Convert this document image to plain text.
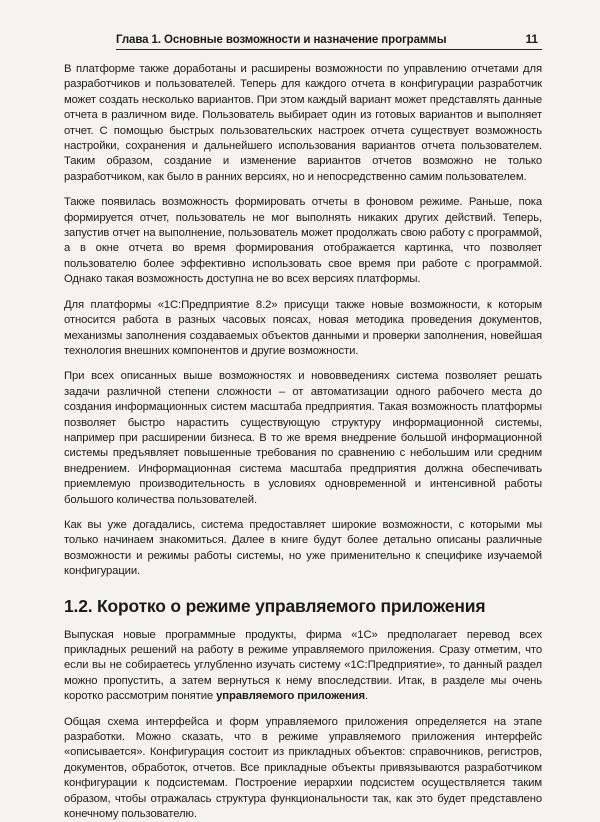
Глава 1. Основные возможности и назначение программы	11

В платформе также доработаны и расширены возможности по управлению отчетами для разработчиков и пользователей. Теперь для каждого отчета в конфигурации разработчик может создать несколько вариантов. При этом каждый вариант может представлять данные отчета в различном виде. Пользователь выбирает один из готовых вариантов и выполняет отчет. С помощью быстрых пользовательских настроек отчета существует возможность настройки, сохранения и дальнейшего использования вариантов отчета пользователем. Таким образом, создание и изменение вариантов отчетов возможно не только разработчиком, как было в ранних версиях, но и непосредственно самим пользователем.

Также появилась возможность формировать отчеты в фоновом режиме. Раньше, пока формируется отчет, пользователь не мог выполнять никаких других действий. Теперь, запустив отчет на выполнение, пользователь может продолжать свою работу с программой, а в окне отчета во время формирования отображается картинка, что позволяет пользователю более эффективно использовать свое время при работе с программой. Однако такая возможность доступна не во всех версиях платформы.

Для платформы «1С:Предприятие 8.2» присущи также новые возможности, к которым относится работа в разных часовых поясах, новая методика проведения документов, механизмы заполнения создаваемых объектов данными и проверки заполнения, новейшая технология внешних компонентов и другие возможности.

При всех описанных выше возможностях и нововведениях система позволяет решать задачи различной степени сложности – от автоматизации одного рабочего места до создания информационных систем масштаба предприятия. Такая возможность платформы позволяет быстро нарастить существующую структуру информационной системы, например при расширении бизнеса. В то же время внедрение большой информационной системы предъявляет повышенные требования по сравнению с небольшим или средним внедрением. Информационная система масштаба предприятия должна обеспечивать приемлемую производительность в условиях одновременной и интенсивной работы большого количества пользователей.

Как вы уже догадались, система предоставляет широкие возможности, с которыми мы только начинаем знакомиться. Далее в книге будут более детально описаны различные возможности и режимы работы системы, но уже применительно к специфике изучаемой конфигурации.

1.2. Коротко о режиме управляемого приложения

Выпуская новые программные продукты, фирма «1С» предполагает перевод всех прикладных решений на работу в режиме управляемого приложения. Сразу отметим, что если вы не собираетесь углубленно изучать систему «1С:Предприятие», то данный раздел можно пропустить, а затем вернуться к нему впоследствии. Итак, в разделе мы очень коротко рассмотрим понятие управляемого приложения.

Общая схема интерфейса и форм управляемого приложения определяется на этапе разработки. Можно сказать, что в режиме управляемого приложения интерфейс «описывается». Конфигурация состоит из прикладных объектов: справочников, регистров, документов, обработок, отчетов. Все прикладные объекты привязываются разработчиком конфигурации к подсистемам. Построение иерархии подсистем осуществляется таким образом, чтобы отражалась структура функциональности так, как это будет представлено конечному пользователю.
